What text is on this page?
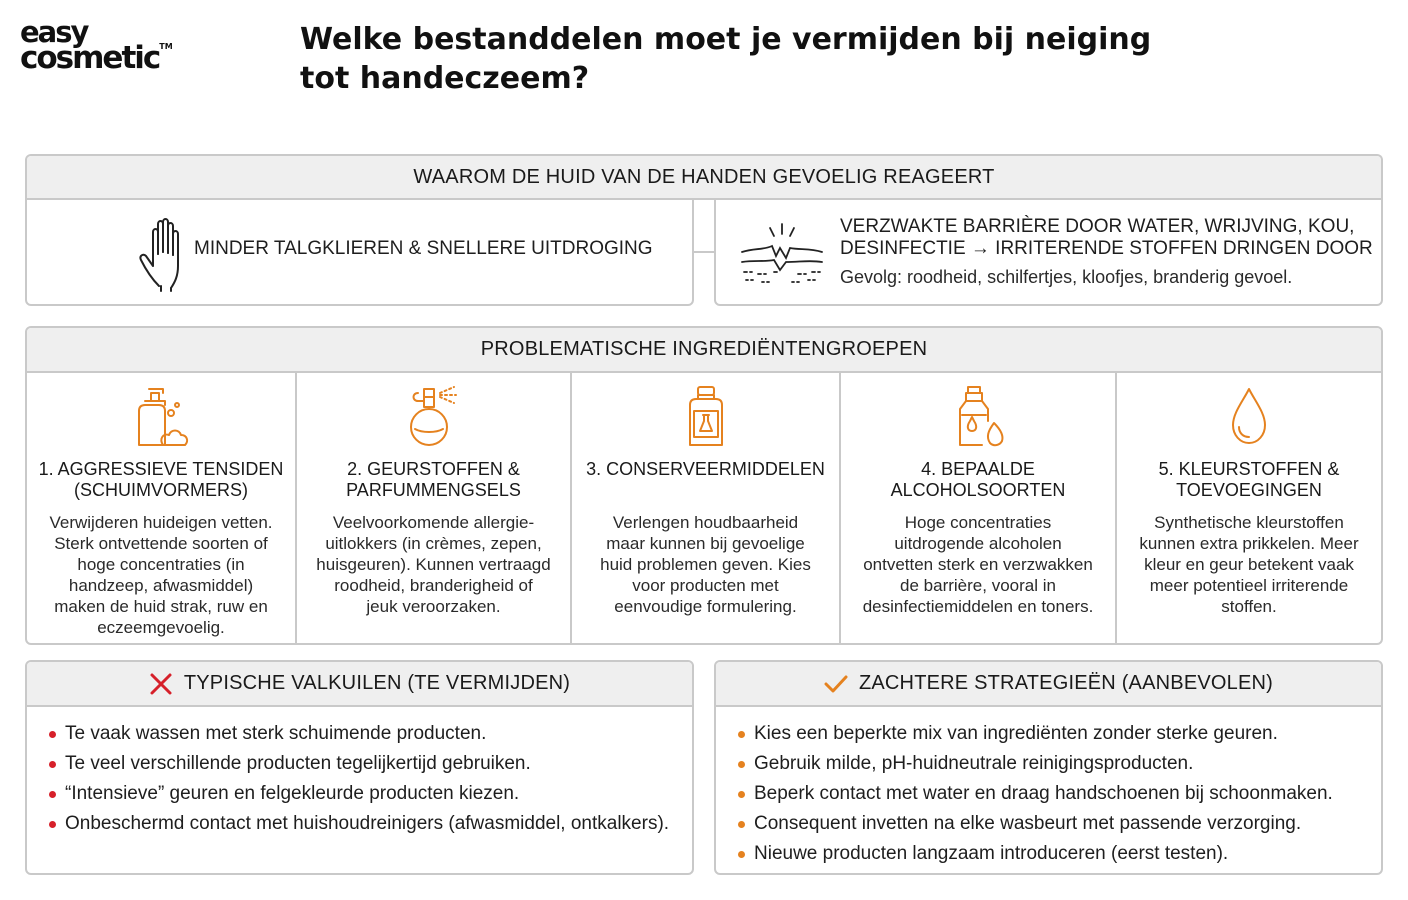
easy
cosmetic™	Welke bestanddelen moet je vermijden bij neiging tot handeczeem?
WAAROM DE HUID VAN DE HANDEN GEVOELIG REAGEERT
MINDER TALGKLIEREN & SNELLERE UITDROGING
VERZWAKTE BARRIÈRE DOOR WATER, WRIJVING, KOU,
DESINFECTIE → IRRITERENDE STOFFEN DRINGEN DOOR
Gevolg: roodheid, schilfertjes, kloofjes, branderig gevoel.
PROBLEMATISCHE INGREDIËNTENGROEPEN
1. AGGRESSIEVE TENSIDEN
(SCHUIMVORMERS)
Verwijderen huideigen vetten.
Sterk ontvettende soorten of
hoge concentraties (in
handzeep, afwasmiddel)
maken de huid strak, ruw en
eczeemgevoelig.
2. GEURSTOFFEN &
PARFUMMENGSELS
Veelvoorkomende allergie-
uitlokkers (in crèmes, zepen,
huisgeuren). Kunnen vertraagd
roodheid, branderigheid of
jeuk veroorzaken.
3. CONSERVEERMIDDELEN
Verlengen houdbaarheid
maar kunnen bij gevoelige
huid problemen geven. Kies
voor producten met
eenvoudige formulering.
4. BEPAALDE
ALCOHOLSOORTEN
Hoge concentraties
uitdrogende alcoholen
ontvetten sterk en verzwakken
de barrière, vooral in
desinfectiemiddelen en toners.
5. KLEURSTOFFEN &
TOEVOEGINGEN
Synthetische kleurstoffen
kunnen extra prikkelen. Meer
kleur en geur betekent vaak
meer potentieel irriterende
stoffen.
TYPISCHE VALKUILEN (TE VERMIJDEN)
Te vaak wassen met sterk schuimende producten.
Te veel verschillende producten tegelijkertijd gebruiken.
“Intensieve” geuren en felgekleurde producten kiezen.
Onbeschermd contact met huishoudreinigers (afwasmiddel, ontkalkers).
ZACHTERE STRATEGIEËN (AANBEVOLEN)
Kies een beperkte mix van ingrediënten zonder sterke geuren.
Gebruik milde, pH-huidneutrale reinigingsproducten.
Beperk contact met water en draag handschoenen bij schoonmaken.
Consequent invetten na elke wasbeurt met passende verzorging.
Nieuwe producten langzaam introduceren (eerst testen).
